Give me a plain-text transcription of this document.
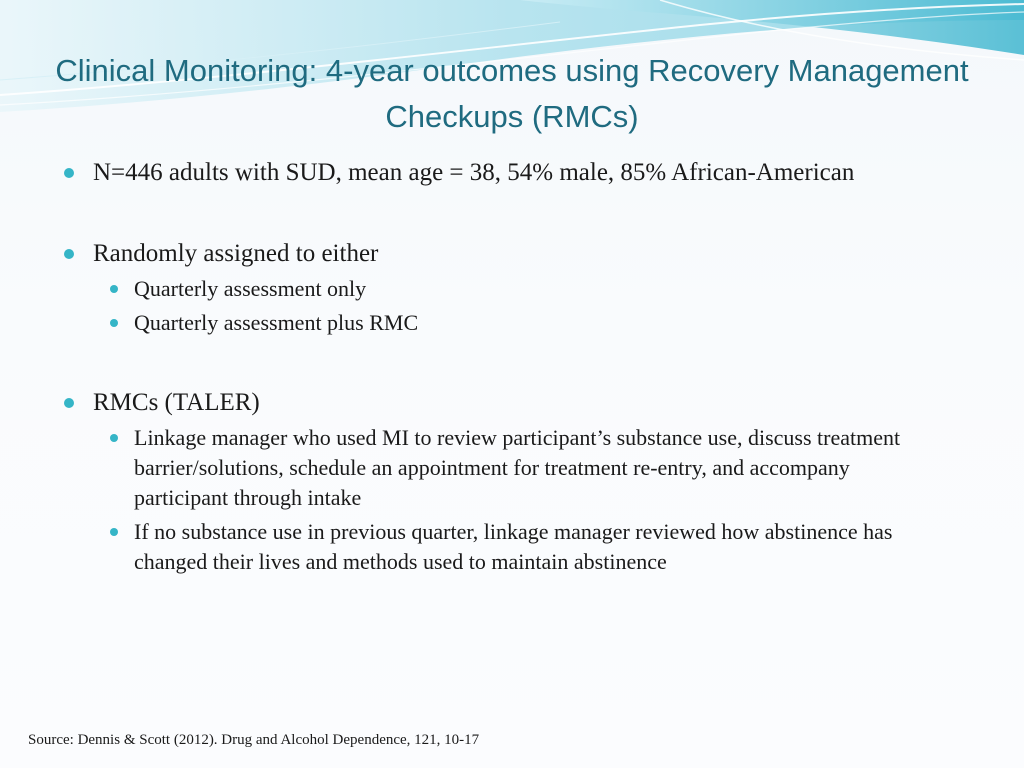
Clinical Monitoring: 4-year outcomes using Recovery Management Checkups (RMCs)
N=446 adults with SUD, mean age = 38, 54% male, 85% African-American
Randomly assigned to either
Quarterly assessment only
Quarterly assessment plus RMC
RMCs (TALER)
Linkage manager who used MI to review participant’s substance use, discuss treatment barrier/solutions, schedule an appointment for treatment re-entry, and accompany participant through intake
If no substance use in previous quarter, linkage manager reviewed how abstinence has changed their lives and methods used to maintain abstinence
Source: Dennis & Scott (2012). Drug and Alcohol Dependence, 121, 10-17
